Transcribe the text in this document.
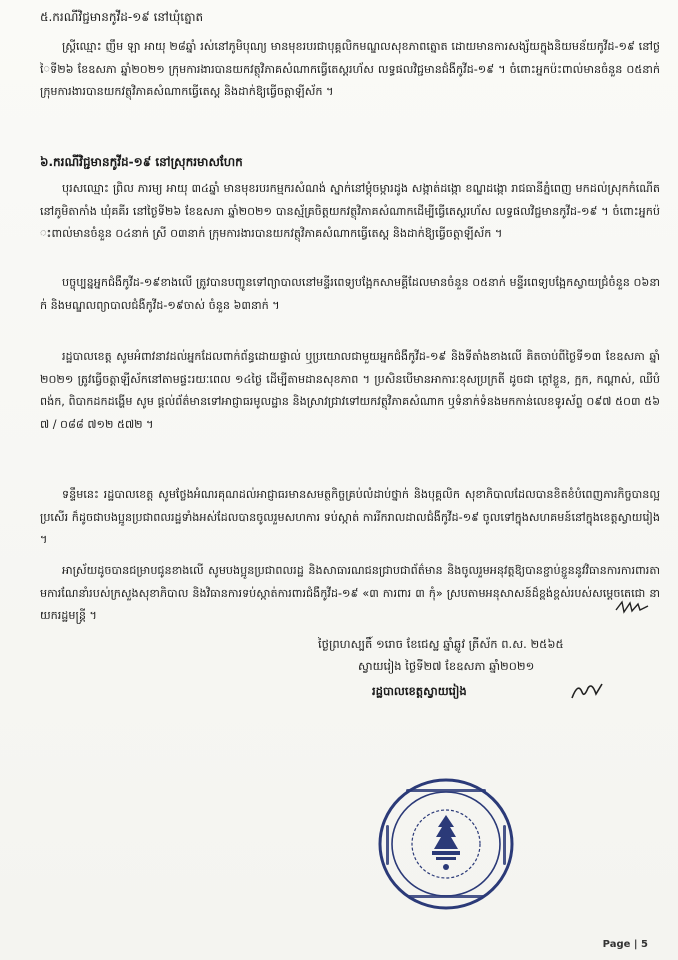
៥.ករណីវិជ្ជមានកូវីដ-១៩ នៅឃុំត្នោត
ស្ត្រីឈ្មោះ ញឹម ឡា អាយុ ២៨ឆ្នាំ រស់នៅភូមិបុណ្យ មានមុខរបរជាបុគ្គលិកមណ្ឌលសុខភាពត្នោត ដោយមានការសង្ស័យក្នុងនិយមន័យកូវីដ-១៩ នៅថ្ងៃទី២៦ ខែឧសភា ឆ្នាំ២០២១ ក្រុមការងារបានយកវត្ថុវិភាគសំណាកធ្វើតេស្តរហ័ស លទ្ធផលវិជ្ជមានជំងឺកូវីដ-១៩ ។ ចំពោះអ្នកប៉ះពាល់មានចំនួន ០៥នាក់ ក្រុមការងារបានយកវត្ថុវិភាគសំណាកធ្វើតេស្ត និងដាក់ឱ្យធ្វើចត្តាឡីស័ក ។
៦.ករណីវិជ្ជមានកូវីដ-១៩ នៅស្រុករមាសហែក
បុរសឈ្មោះ ព្រិល ភារម្យ អាយុ ៣៤ឆ្នាំ មានមុខរបរកម្មករសំណង់ ស្នាក់នៅម្ដុំចម្ការដូង សង្កាត់ដង្កោ ខណ្ឌដង្កោ រាជធានីភ្នំពេញ មកដល់ស្រុកកំណើតនៅភូមិតាកាំង ឃុំគគីរ នៅថ្ងៃទី២៦ ខែឧសភា ឆ្នាំ២០២១ បានស្ម័គ្រចិត្តយកវត្ថុវិភាគសំណាកដើម្បីធ្វើតេស្តរហ័ស លទ្ធផលវិជ្ជមានកូវីដ-១៩ ។ ចំពោះអ្នកប៉ះពាល់មានចំនួន ០៤នាក់ ស្រី ០៣នាក់ ក្រុមការងារបានយកវត្ថុវិភាគសំណាកធ្វើតេស្ត និងដាក់ឱ្យធ្វើចត្តាឡីស័ក ។
បច្ចុប្បន្នអ្នកជំងឺកូវីដ-១៩ខាងលើ ត្រូវបានបញ្ជូនទៅព្យាបាលនៅមន្ទីរពេទ្យបង្អែកសាមគ្គីដែលមានចំនួន ០៥នាក់ មន្ទីរពេទ្យបង្អែកស្វាយជ្រំចំនួន ០៦នាក់ និងមណ្ឌលព្យាបាលជំងឺកូវីដ-១៩ចាស់ ចំនួន ៦៣នាក់ ។
រដ្ឋបាលខេត្ត សូមអំពាវនាវដល់អ្នកដែលពាក់ព័ន្ធដោយផ្ទាល់ ឬប្រយោលជាមួយអ្នកជំងឺកូវីដ-១៩ និងទីតាំងខាងលើ គិតចាប់ពីថ្ងៃទី១៣ ខែឧសភា ឆ្នាំ២០២១ ត្រូវធ្វើចត្តាឡីស័កនៅតាមផ្ទះរយៈពេល ១៤ថ្ងៃ ដើម្បីតាមដានសុខភាព ។ ប្រសិនបើមានអាការៈខុសប្រក្រតី ដូចជា ក្ដៅខ្លួន, ក្អក, កណ្ដាស់, ឈឺបំពង់ក, ពិបាកដកដង្ហើម សូម ផ្តល់ព័ត៌មានទៅអាជ្ញាធរមូលដ្ឋាន និងស្រាវជ្រាវទៅយកវត្ថុវិភាគសំណាក ឬទំនាក់ទំនងមកកាន់លេខទូរស័ព្ទ ០៩៧ ៥០៣ ៥៦៧ / ០៨៨ ៧១២ ៥៧២ ។
ទន្ទឹមនេះ រដ្ឋបាលខេត្ត សូមថ្លែងអំណរគុណដល់អាជ្ញាធរមានសមត្ថកិច្ចគ្រប់លំដាប់ថ្នាក់ និងបុគ្គលិក សុខាភិបាលដែលបានខិតខំបំពេញភារកិច្ចបានល្អប្រសើរ ក៏ដូចជាបងប្អូនប្រជាពលរដ្ឋទាំងអស់ដែលបានចូលរួមសហការ ទប់ស្កាត់ ការរីករាលដាលជំងឺកូវីដ-១៩ ចូលទៅក្នុងសហគមន៍នៅក្នុងខេត្តស្វាយរៀង ។
អាស្រ័យដូចបានជម្រាបជូនខាងលើ សូមបងប្អូនប្រជាពលរដ្ឋ និងសាធារណជនជ្រាបជាព័ត៌មាន និងចូលរួមអនុវត្តឱ្យបានខ្ជាប់ខ្ជួននូវវិធានការការពារតាមការណែនាំរបស់ក្រសួងសុខាភិបាល និងវិធានការទប់ស្កាត់ការពារជំងឺកូវីដ-១៩ «៣ ការពារ ៣ កុំ» ស្របតាមអនុសាសន៍ដ៏ខ្ពង់ខ្ពស់របស់សម្តេចតេជោ នាយករដ្ឋមន្ត្រី ។
ថ្ងៃព្រហស្បតិ៍ ១រោច ខែជេស្ឋ ឆ្នាំឆ្លូវ ត្រីស័ក ព.ស. ២៥៦៥
ស្វាយរៀង ថ្ងៃទី២៧ ខែឧសភា ឆ្នាំ២០២១
រដ្ឋបាលខេត្តស្វាយរៀង
Page | 5
